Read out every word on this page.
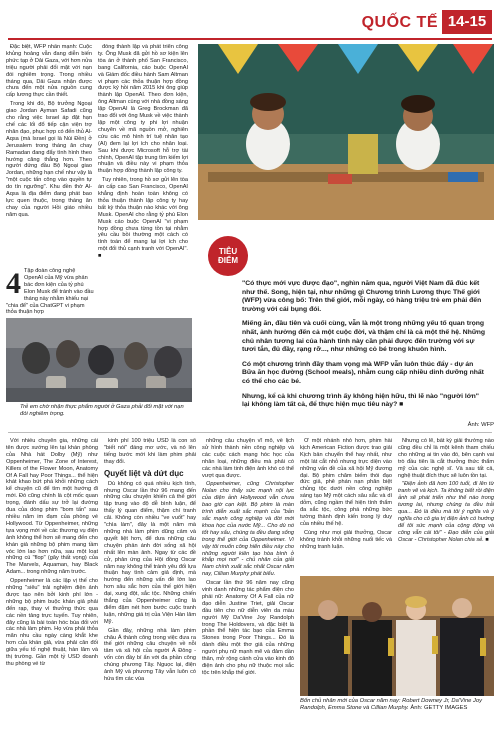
QUỐC TẾ 14-15

Đặc biệt, WFP nhấn mạnh: Cuộc khủng hoảng vẫn đang diễn biến phức tạp ở Dải Gaza, với hơn nửa triệu người phải đối mặt với nạn đói nghiêm trọng. Trong nhiều tháng qua, Dải Gaza nhận được chưa đến một nửa nguồn cung cấp lương thực cần thiết.

Trong khi đó, Bộ trưởng Ngoại giao Jordan Ayman Safadi cũng cho rằng việc Israel áp đặt hạn chế các lối đổ tiếp cận viện trợ nhân đạo, phục hợp có đến thủ Al-Aqsa (mà Israel gọi là Núi Đền) ở Jerusalem trong tháng ăn chay Ramadan đang đẩy tình hình theo hướng căng thẳng hơn. Theo người đứng đầu Bộ Ngoại giao Jordan, những hạn chế như vậy là "một cuộc tấn công vào quyền tự do tín ngưỡng". Khu đền thờ Al-Aqsa là địa điểm đang phát bao lực quen thuộc, trong tháng ăn chay của người Hồi giáo nhiều năm qua.

đồng thành lập và phát triển công ty. Ông Musk đã gửi hồ sơ kiện lên tòa án ở thành phố San Francisco, bang California, cáo buộc OpenAI và Giám đốc điều hành Sam Altman vi phạm các thỏa thuận hợp đồng được ký hồi năm 2015 khi ông giúp thành lập OpenAI. Theo đơn kiện, ông Altman cùng với nhà đồng sáng lập OpenAI là Greg Brockman đã trao đổi với ông Musk về việc thành lập một công ty phi lợi nhuận chuyên về mã nguồn mở, nghiên cứu các mô hình trí tuệ nhân tạo (AI) đem lại lợi ích cho nhân loại. Sau khi được Microsoft hỗ trợ tài chính, OpenAI tập trung tìm kiếm lợi nhuận và điều này vi phạm thỏa thuận hợp đồng thành lập công ty.

Tuy nhiên, trong hồ sơ gửi lên tòa án cấp cao San Francisco, OpenAI khẳng định hoàn toàn không có thỏa thuận thành lập công ty hay bất kỳ thỏa thuận nào khác với ông Musk. OpenAI cho rằng tỷ phú Elon Musk cáo buộc OpenAI "vi phạm hợp đồng chưa từng tồn tại nhằm yêu cầu bồi thường một cách có tính toán để mang lại lợi ích cho một đối thủ cạnh tranh với OpenAI". ■

4 Tập đoàn công nghệ OpenAI của Mỹ vừa phản bác đơn kiện của tỷ phú Elon Musk để tránh vào đầu tháng này nhằm khiếu nại "chia để" của ChatGPT vi phạm thỏa thuận hợp
Trẻ em chờ nhận thực phẩm người ở Gaza phải đối mặt với nạn đói nghiêm trọng.
TIÊU ĐIỂM

"Có thực mới vực được đạo", nghìn năm qua, người Việt Nam đã đúc kết như thế. Song, hiện tại, như những gì Chương trình Lương thực Thế giới (WFP) vừa công bố: Trên thế giới, mỗi ngày, có hàng triệu trẻ em phải đến trường với cái bụng đói.

Miếng ăn, đầu tiên và cuối cùng, vẫn là một trong những yếu tố quan trọng nhất, ảnh hưởng đến cả một cuộc đời, và thậm chí là cả một thế hệ. Những chủ nhân tương lai của hành tinh này cần phải được đến trường với sự tươi tắn, đủ đầy, rạng rỡ..., như những cỏ bé trong khuôn hình.

Có một chương trình đầy tham vọng mà WFP vẫn luôn thúc đẩy - dự án Bữa ăn học đường (School meals), nhằm cung cấp nhiều dinh dưỡng nhất có thể cho các bé.

Nhưng, kể cả khi chương trình ấy không hiện hữu, thì lẽ nào "người lớn" lại không làm tất cả, để thực hiện mục tiêu này? ■

Ảnh: WFP

Với nhiều chuyên gia, những cái tên được xướng lên tại khán phòng của Nhà hát Dolby (Mỹ) như Oppenheimer, The Zone of Interest, Killers of the Flower Moon, Anatomy Of A Fall hay Poor Things... thể hiện khát khao bứt phá khỏi những cách kể chuyện cũ để tìm một hướng đi mới. Đó cũng chính là cột mốc quan trọng, đánh dấu sự trở lại đường đua của dòng phim "bom tấn" sau nhiều năm im đạm của phòng vé Hollywood. Từ Oppenheimer, những tựa vọng mới về các thương vụ điện ảnh không thể hơn sẽ mang đến cho khán giả những bộ phim mang tầm vóc lớn lao hơn nữa, sau một loạt những cú "flop" (gây thất vọng) của The Marvels, Aquaman, hay Black Adam... trong những năm trước.

Oppenheimer là các lặp vị thế cho những "siêu" trải nghiệm điện ảnh được tạo nên bởi kinh phí lớn - những bộ phim buộc khán giả phải đến rạp, thay vì thưởng thức qua các nền tảng trực tuyến. Tuy nhiên, đây cũng là bài toán hóc búa đối với các nhà làm phim. Họ vừa phải thỏa mãn nhu cầu ngày càng khắt khe hơn của khán giả, vừa phải cân đối giữa yếu tố nghệ thuật, hàn lâm và thị trường. Gần một tỷ USD doanh thu phòng vé từ

kinh phí 100 triệu USD là con số "biết nói" đáng mơ ước, và nó lên tiếng bước mới khi làm phim phải thay đổi.

Quyết liệt và dứt dục

Dù không có quá nhiều kịch tính, nhưng Oscar lần thứ 96 mang đến những câu chuyện khiến cả thế giới tập trung vào độ dễ bình luận, để thấy lý quan điểm, thậm chí tranh cãi. Không còn nhiều "ve vuốt" hay "chìa làm", đây là một năm mà những nhà làm phim dũng cảm và quyết liệt hơn, để dưa những câu chuyện phản ánh đời sống xã hội nhất lên màn ảnh. Ngay từ các đề cử, phản ứng của Hội đồng Oscar năm nay không thể tránh yêu đối lựa thuận hay tình cảm giả định, mà hướng đến những vấn đề lớn lao hơn sâu sắc hơn của thế giới hiện đại, xung đột, sắc tộc. Những chiến thắng của Oppenheimer cũng là điểm đặm nét hơn bước cuộc tranh luận, những giá trị của Viện Hàn lâm Mỹ.

Gần đây, những nhà làm phim châu Á thành công trong việc đưa ra thế giới những câu chuyện về nỗi tâm và xã hội của người Á Đông - vốn còn đầy bí ẩn với đa phần công chúng phương Tây. Nguọc lại, điện ảnh Mỹ và phương Tây vẫn luôn có hứa tìm các vùa

những câu chuyện vĩ mô, về lịch sử hình thành nền công nghiệp và các cuộc cách mạng hóc học của nhân loại, những điều mà phải có các nhà làm tinh điện ảnh khó có thể vượt qua được.

Oppenheimer, cũng Christopher Nolan cho thấy sức mạnh nội lực của điện ảnh Hollywood vẫn chưa bao giờ cạn kiệt. Bộ phim là màn trình diễn xuất sắc mạnh của "bản sắc mạnh công nghiệp và đời mới khoa học của nước Mỹ... Cho dù nó tốt hay xấu, chúng ta đều đang sống trong thế giới của Oppenheimer. Vì vậy tôi muốn công hiến điều này cho những người kiên tạo hòa bình ở khắp mọi nơi" - chủ nhân của giải Nam chính xuất sắc nhất Oscar năm nay, Cillian Murphy phát biểu.

Oscar lần thứ 96 năm nay cũng vinh danh những tác phẩm điện cho phái nữ: Anatomy Of A Fall của nữ đạo diễn Justine Triet, giải Oscar đầu tiên cho nữ diễn viên da màu người Mỹ Da'Vine Joy Randolph trong The Holdovers, và đặc biệt là phần thể hiện tác bạo của Emma Stones trong Poor Things... Đó là dành điều một thơ giả của những người phụ nữ mạnh mẽ và đảm dần thân, mở rộng cánh cửa vào kinh đô điện ảnh cho phụ nữ thuộc mọi sắc tộc trên khắp thế giới.

Ở một nhánh nhỏ hơn, phim hài kịch American Fiction được trao giải Kịch bản chuyển thể hay nhất, như một lát cắt nhỏ nhưng trực diện vào những vấn đề của xã hội Mỹ đương đại. Bộ phim chăm biếm thói đạo đức giả, phê phán nạn phân biệt chủng tộc dưới nền công nghiệp sáng tạo Mỹ một cách sâu sắc và dí dỏm, cũng ngầm thể hiện tính thẩm đa sắc tộc, công phá những bức tường thành định kiến trong lý duy của nhiều thế hệ.

Cùng như mọi giải thưởng, Oscar không tránh khỏi những nuối tiếc và những tranh luận.

Nhưng có lẽ, bất kỳ giải thưởng nào cũng đều chỉ là một kênh tham chiếu cho những ai tin vào đó, bên cạnh vai trò đầu tiên là cắt thưởng thức thẩm mỹ của các nghệ sĩ. Và sau tất cả, nghệ thuật đích thực sẽ luôn tồn tại.

"Điện ảnh đã hơn 100 tuổi, đi lên từ tranh vẽ và kịch. Ta không biết rồi điện ảnh sẽ phát triển như thế nào trong tương lai, nhưng chúng ta đều trải qua... Đó là điều mà tôi ý nghĩa và ý nghĩa cho cô gia trị điện ảnh có hướng để tôi sức mạnh của cộng động và công vẫn cái tôi" - Đạo diễn của giải Oscar - Christopher Nolan chia sẻ. ■

Bốn chủ nhân mới của Oscar năm nay: Robert Downey Jr, Da'Vine Joy Randolph, Emma Stone và Cillian Murphy. Ảnh: GETTY IMAGES
